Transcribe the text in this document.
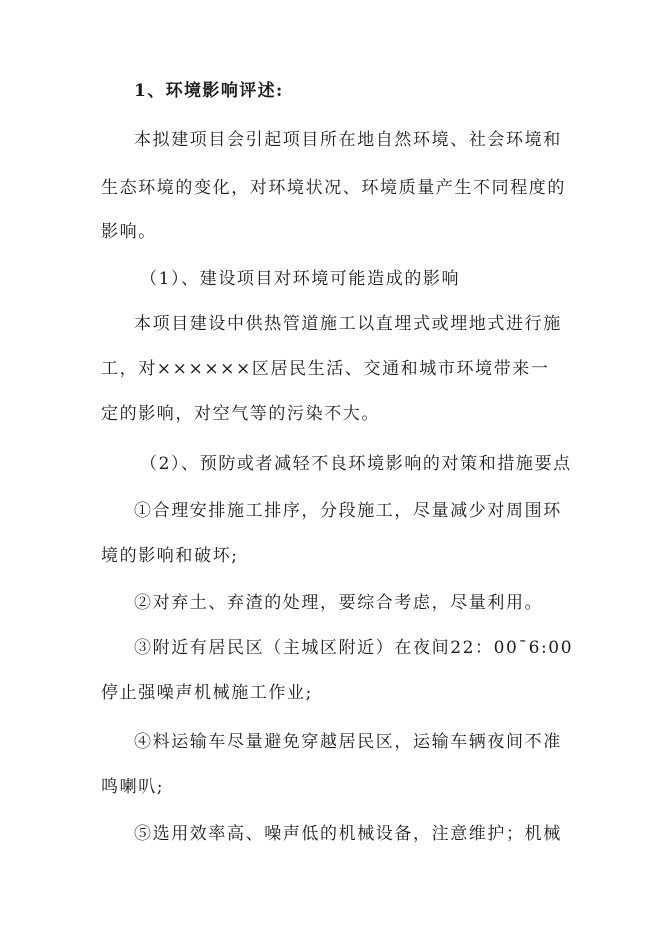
1、环境影响评述:
本拟建项目会引起项目所在地自然环境、社会环境和
生态环境的变化，对环境状况、环境质量产生不同程度的
影响。
（1）、建设项目对环境可能造成的影响
本项目建设中供热管道施工以直埋式或埋地式进行施
工，对××××××区居民生活、交通和城市环境带来一
定的影响，对空气等的污染不大。
（2）、预防或者减轻不良环境影响的对策和措施要点
①合理安排施工排序，分段施工，尽量减少对周围环
境的影响和破坏;
②对弃土、弃渣的处理，要综合考虑，尽量利用。
③附近有居民区（主城区附近）在夜间22：00¯6:00
停止强噪声机械施工作业;
④料运输车尽量避免穿越居民区，运输车辆夜间不准
鸣喇叭;
⑤选用效率高、噪声低的机械设备，注意维护；机械
